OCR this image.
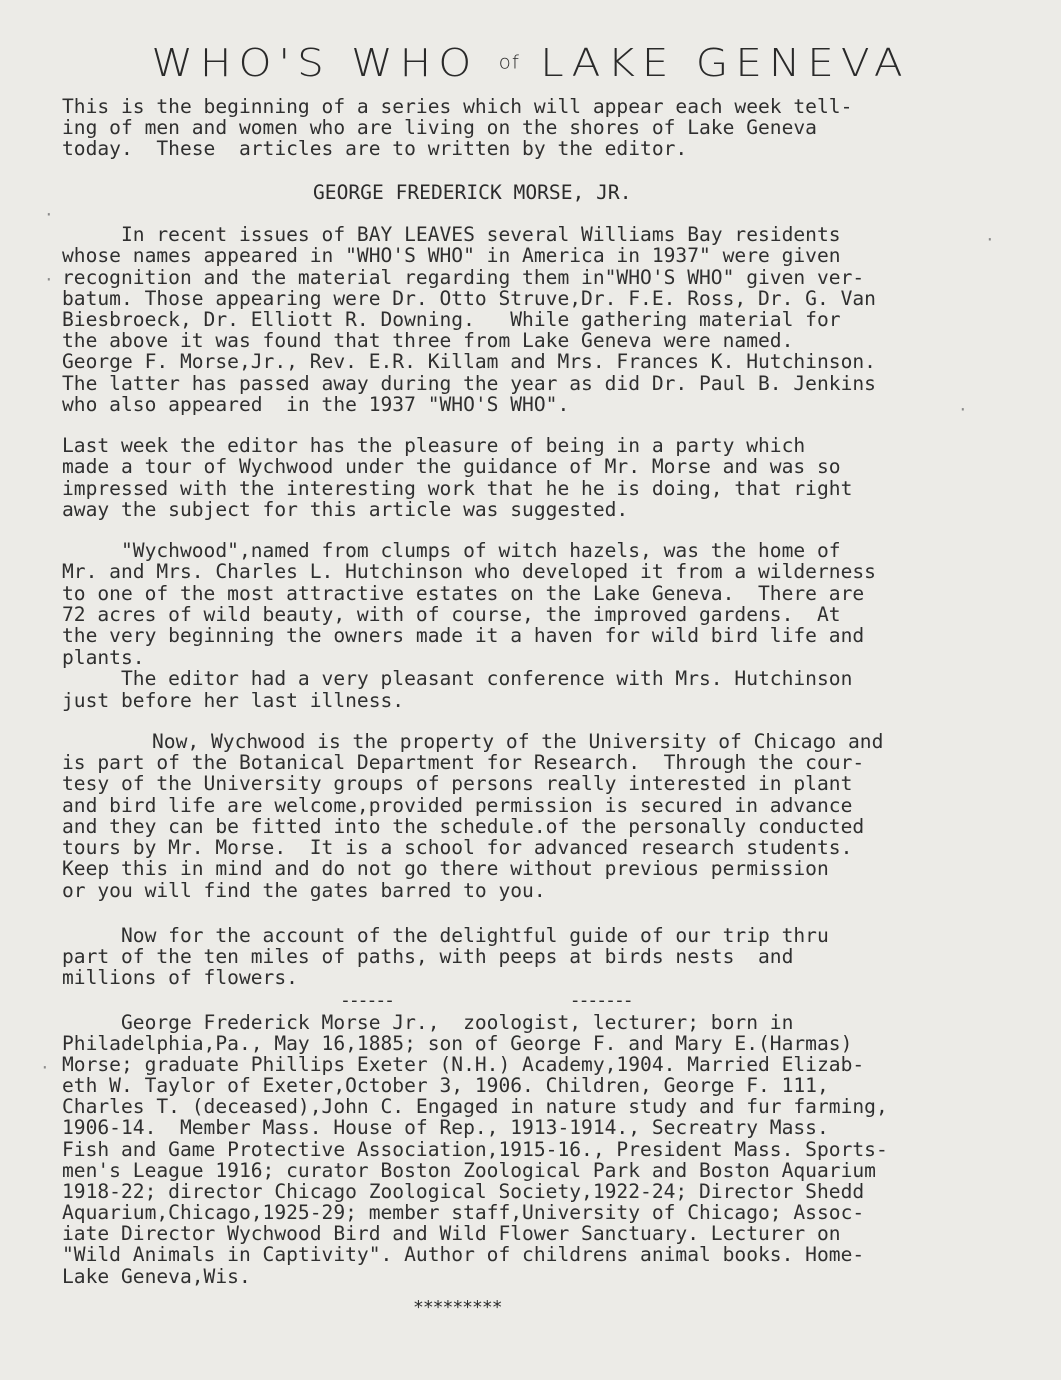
WHO'S WHO of LAKE GENEVA
This is the beginning of a series which will appear each week tell-
ing of men and women who are living on the shores of Lake Geneva
today.  These  articles are to written by the editor.
GEORGE FREDERICK MORSE, JR.
In recent issues of BAY LEAVES several Williams Bay residents
whose names appeared in "WHO'S WHO" in America in 1937" were given
recognition and the material regarding them in"WHO'S WHO" given ver-
batum. Those appearing were Dr. Otto Struve,Dr. F.E. Ross, Dr. G. Van
Biesbroeck, Dr. Elliott R. Downing.   While gathering material for
the above it was found that three from Lake Geneva were named.
George F. Morse,Jr., Rev. E.R. Killam and Mrs. Frances K. Hutchinson.
The latter has passed away during the year as did Dr. Paul B. Jenkins
who also appeared  in the 1937 "WHO'S WHO".
Last week the editor has the pleasure of being in a party which
made a tour of Wychwood under the guidance of Mr. Morse and was so
impressed with the interesting work that he he is doing, that right
away the subject for this article was suggested.
"Wychwood",named from clumps of witch hazels, was the home of
Mr. and Mrs. Charles L. Hutchinson who developed it from a wilderness
to one of the most attractive estates on the Lake Geneva.  There are
72 acres of wild beauty, with of course, the improved gardens.  At
the very beginning the owners made it a haven for wild bird life and
plants.
The editor had a very pleasant conference with Mrs. Hutchinson
just before her last illness.
Now, Wychwood is the property of the University of Chicago and
is part of the Botanical Department for Research.  Through the cour-
tesy of the University groups of persons really interested in plant
and bird life are welcome,provided permission is secured in advance
and they can be fitted into the schedule.of the personally conducted
tours by Mr. Morse.  It is a school for advanced research students.
Keep this in mind and do not go there without previous permission
or you will find the gates barred to you.
Now for the account of the delightful guide of our trip thru
part of the ten miles of paths, with peeps at birds nests  and
millions of flowers.
------                    -------
George Frederick Morse Jr.,  zoologist, lecturer; born in
Philadelphia,Pa., May 16,1885; son of George F. and Mary E.(Harmas)
Morse; graduate Phillips Exeter (N.H.) Academy,1904. Married Elizab-
eth W. Taylor of Exeter,October 3, 1906. Children, George F. 111,
Charles T. (deceased),John C. Engaged in nature study and fur farming,
1906-14.  Member Mass. House of Rep., 1913-1914., Secreatry Mass.
Fish and Game Protective Association,1915-16., President Mass. Sports-
men's League 1916; curator Boston Zoological Park and Boston Aquarium
1918-22; director Chicago Zoological Society,1922-24; Director Shedd
Aquarium,Chicago,1925-29; member staff,University of Chicago; Assoc-
iate Director Wychwood Bird and Wild Flower Sanctuary. Lecturer on
"Wild Animals in Captivity". Author of childrens animal books. Home-
Lake Geneva,Wis.
*********
·
·
·
·
·
